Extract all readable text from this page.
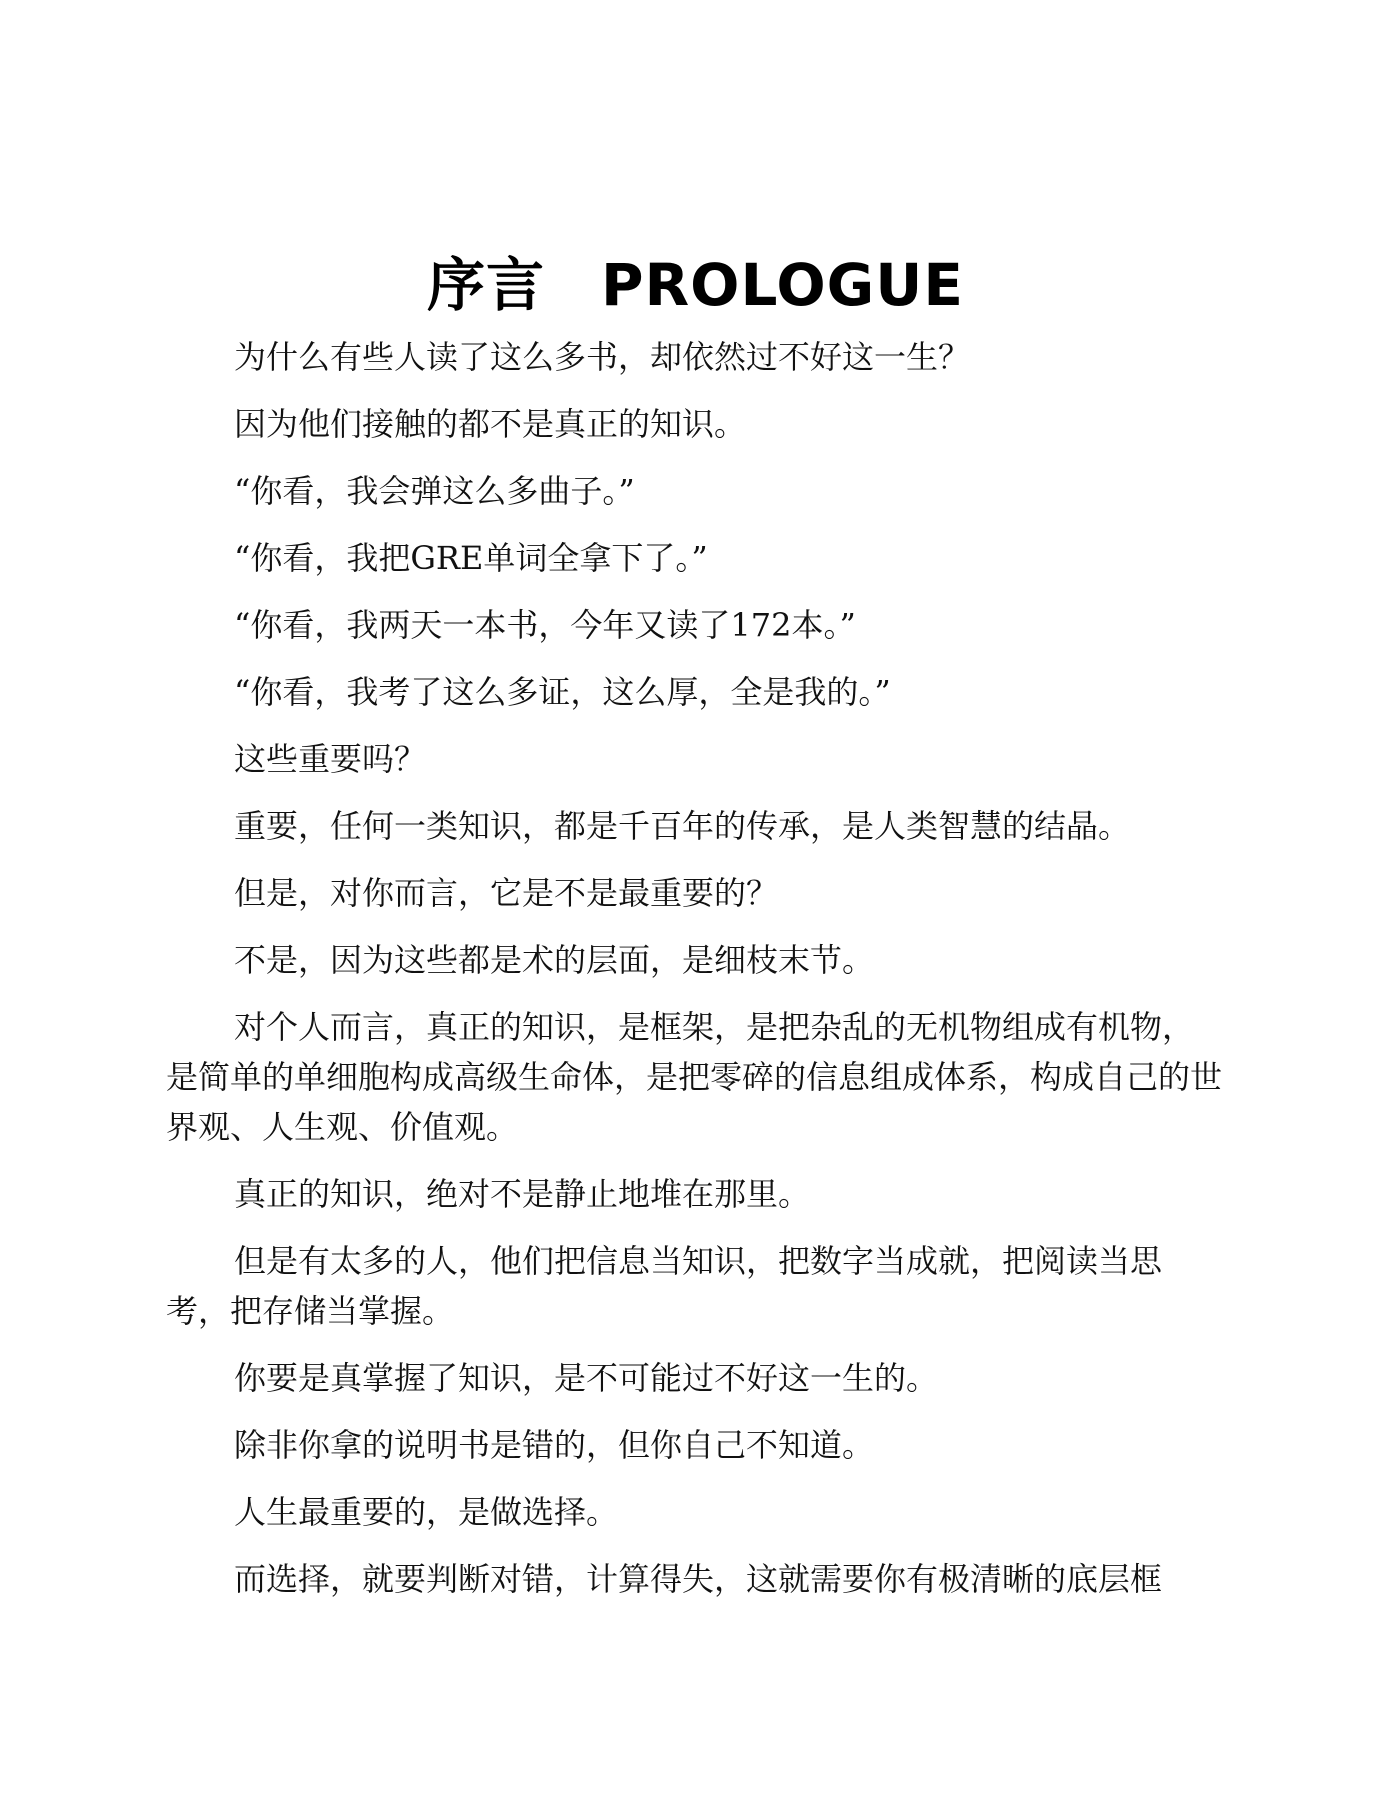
序言 PROLOGUE

为什么有些人读了这么多书，却依然过不好这一生？

因为他们接触的都不是真正的知识。

“你看，我会弹这么多曲子。”

“你看，我把GRE单词全拿下了。”

“你看，我两天一本书，今年又读了172本。”

“你看，我考了这么多证，这么厚，全是我的。”

这些重要吗？

重要，任何一类知识，都是千百年的传承，是人类智慧的结晶。

但是，对你而言，它是不是最重要的？

不是，因为这些都是术的层面，是细枝末节。

对个人而言，真正的知识，是框架，是把杂乱的无机物组成有机物，是简单的单细胞构成高级生命体，是把零碎的信息组成体系，构成自己的世界观、人生观、价值观。

真正的知识，绝对不是静止地堆在那里。

但是有太多的人，他们把信息当知识，把数字当成就，把阅读当思考，把存储当掌握。

你要是真掌握了知识，是不可能过不好这一生的。

除非你拿的说明书是错的，但你自己不知道。

人生最重要的，是做选择。

而选择，就要判断对错，计算得失，这就需要你有极清晰的底层框
